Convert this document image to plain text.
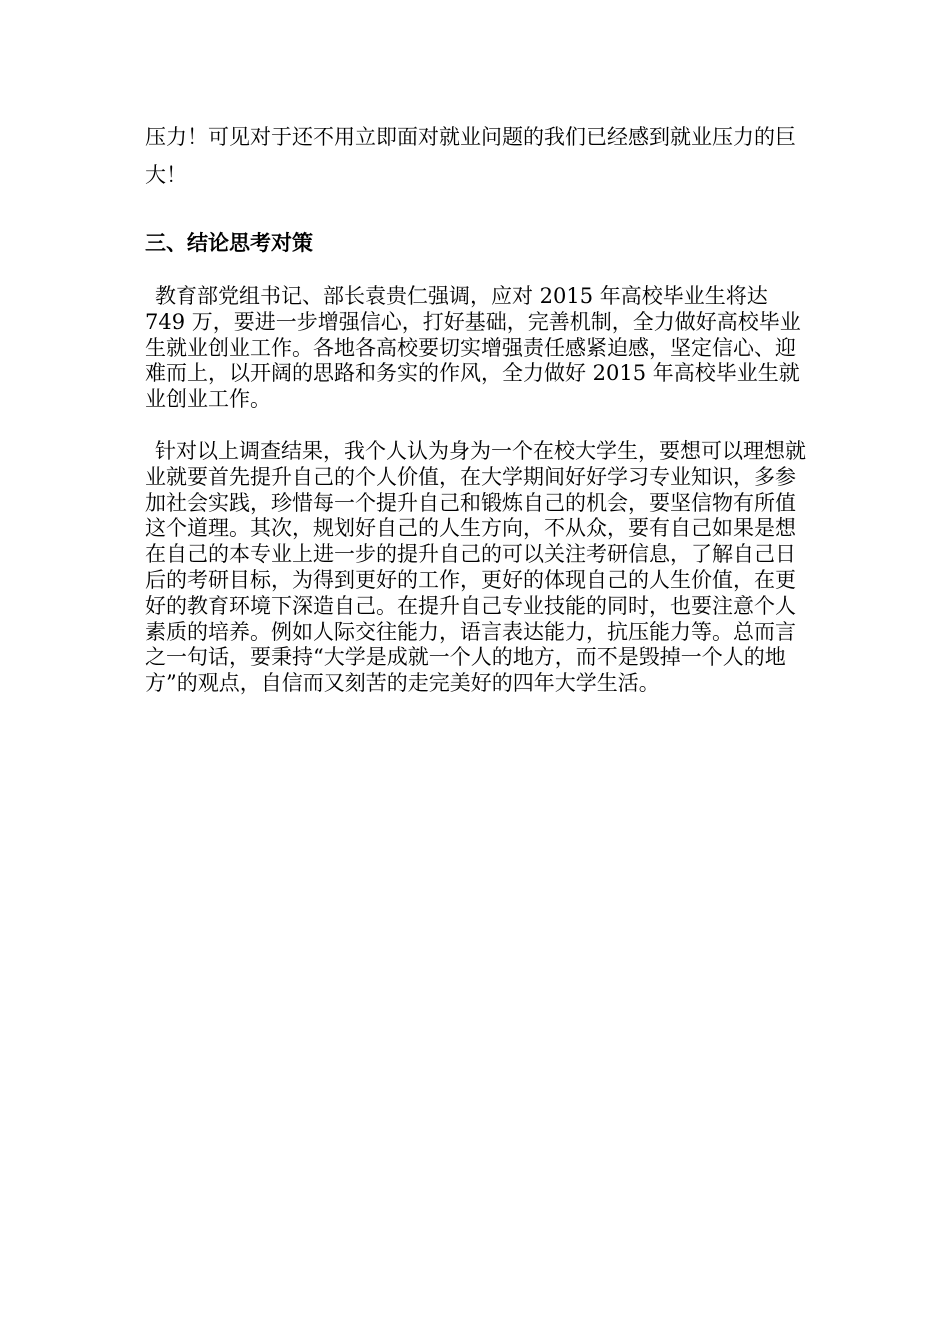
压力！可见对于还不用立即面对就业问题的我们已经感到就业压力的巨大！

三、结论思考对策

教育部党组书记、部长袁贵仁强调，应对 2015 年高校毕业生将达 749 万，要进一步增强信心，打好基础，完善机制，全力做好高校毕业生就业创业工作。各地各高校要切实增强责任感紧迫感，坚定信心、迎难而上，以开阔的思路和务实的作风，全力做好 2015 年高校毕业生就业创业工作。

针对以上调查结果，我个人认为身为一个在校大学生，要想可以理想就业就要首先提升自己的个人价值，在大学期间好好学习专业知识，多参加社会实践，珍惜每一个提升自己和锻炼自己的机会，要坚信物有所值这个道理。其次，规划好自己的人生方向，不从众，要有自己如果是想在自己的本专业上进一步的提升自己的可以关注考研信息，了解自己日后的考研目标，为得到更好的工作，更好的体现自己的人生价值，在更好的教育环境下深造自己。在提升自己专业技能的同时，也要注意个人素质的培养。例如人际交往能力，语言表达能力，抗压能力等。总而言之一句话，要秉持“大学是成就一个人的地方，而不是毁掉一个人的地方”的观点，自信而又刻苦的走完美好的四年大学生活。
